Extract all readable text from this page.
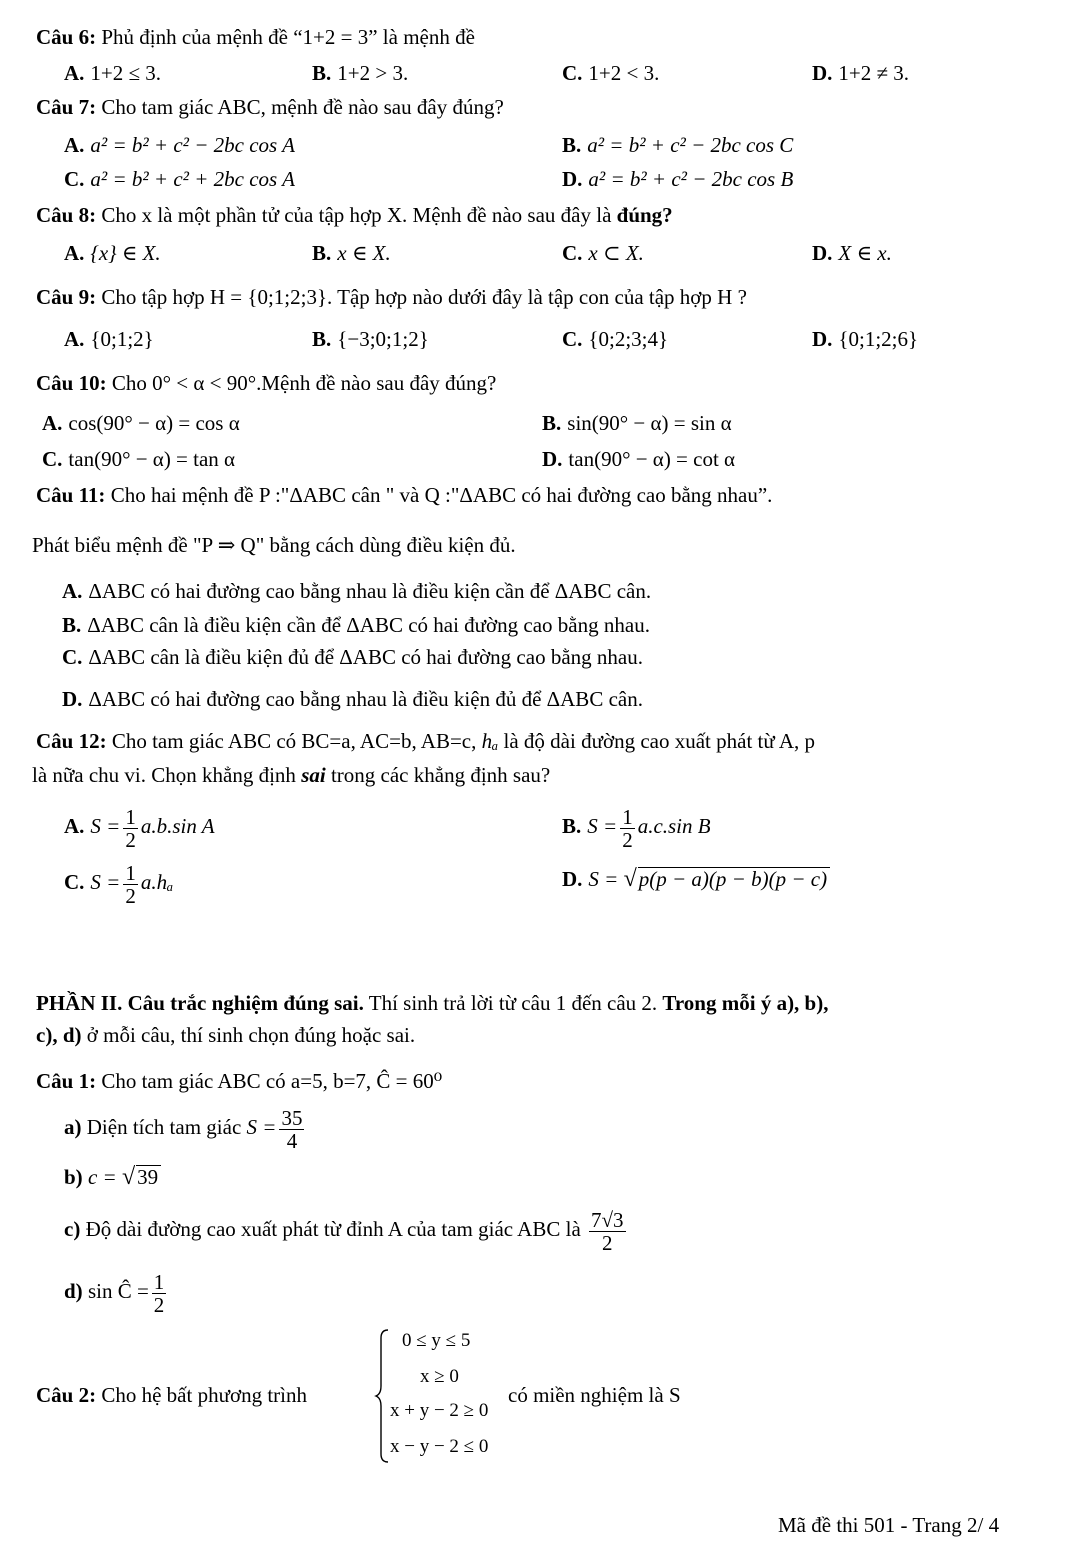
Câu 6: Phủ định của mệnh đề “1+2 = 3” là mệnh đề
A. 1+2 ≤ 3.	B. 1+2 > 3.	C. 1+2 < 3.	D. 1+2 ≠ 3.
Câu 7: Cho tam giác ABC, mệnh đề nào sau đây đúng?
A. a² = b² + c² − 2bc cos A	B. a² = b² + c² − 2bc cos C
C. a² = b² + c² + 2bc cos A	D. a² = b² + c² − 2bc cos B
Câu 8: Cho x là một phần tử của tập hợp X. Mệnh đề nào sau đây là đúng?
A. {x} ∈ X.	B. x ∈ X.	C. x ⊂ X.	D. X ∈ x.
Câu 9: Cho tập hợp H = {0;1;2;3}. Tập hợp nào dưới đây là tập con của tập hợp H ?
A. {0;1;2}	B. {−3;0;1;2}	C. {0;2;3;4}	D. {0;1;2;6}
Câu 10: Cho 0° < α < 90°.Mệnh đề nào sau đây đúng?
A. cos(90° − α) = cos α	B. sin(90° − α) = sin α
C. tan(90° − α) = tan α	D. tan(90° − α) = cot α
Câu 11: Cho hai mệnh đề P :"ΔABC cân " và Q :"ΔABC có hai đường cao bằng nhau”.
Phát biểu mệnh đề "P ⇒ Q" bằng cách dùng điều kiện đủ.
A. ΔABC có hai đường cao bằng nhau là điều kiện cần để ΔABC cân.
B. ΔABC cân là điều kiện cần để ΔABC có hai đường cao bằng nhau.
C. ΔABC cân là điều kiện đủ để ΔABC có hai đường cao bằng nhau.
D. ΔABC có hai đường cao bằng nhau là điều kiện đủ để ΔABC cân.
Câu 12: Cho tam giác ABC có BC=a, AC=b, AB=c, hₐ là độ dài đường cao xuất phát từ A, p
là nữa chu vi. Chọn khẳng định sai trong các khẳng định sau?
A. $S = \frac{1}{2} a.b.\sin$ A	B. $S = \frac{1}{2} a.c.\sin$ B
C. $S = \frac{1}{2} a.h_a$	D. S = √p(p − a)(p − b)(p − c)
PHẦN II. Câu trắc nghiệm đúng sai. Thí sinh trả lời từ câu 1 đến câu 2. Trong mỗi ý a), b),
c), d) ở mỗi câu, thí sinh chọn đúng hoặc sai.
Câu 1: Cho tam giác ABC có a=5, b=7, Ĉ = 60⁰
a) Diện tích tam giác $S = \frac{35}{4}$
b) c = √39
c) Độ dài đường cao xuất phát từ đỉnh A của tam giác ABC là $\frac{7√3}{2}$
d) sin Ĉ = $\frac{1}{2}$
Câu 2: Cho hệ bất phương trình
0 ≤ y ≤ 5
x ≥ 0
x + y − 2 ≥ 0
x − y − 2 ≤ 0
có miền nghiệm là S
Mã đề thi 501 - Trang 2/ 4
